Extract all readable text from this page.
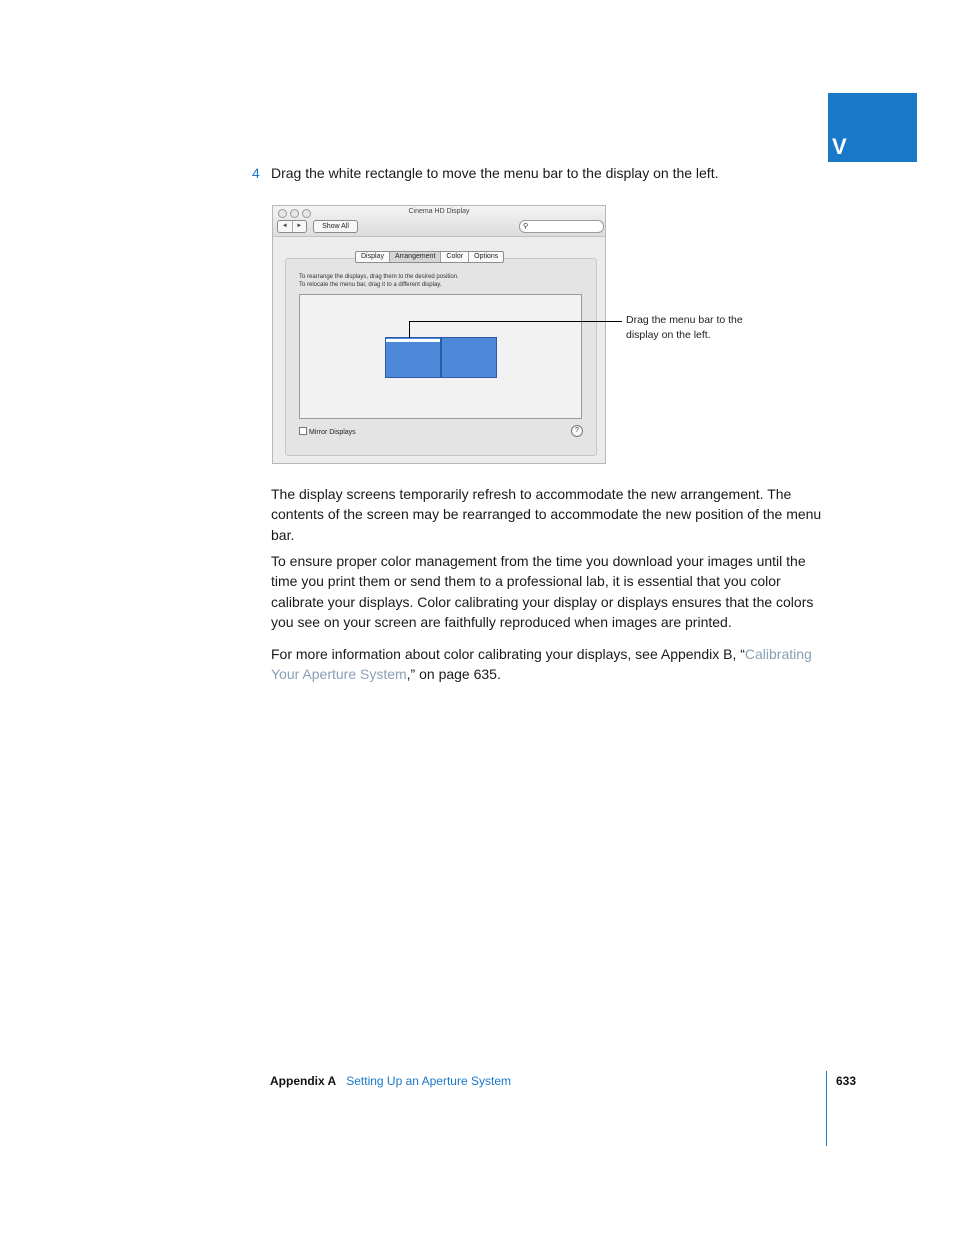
V
4 Drag the white rectangle to move the menu bar to the display on the left.
Cinema HD Display
◄	►	Show All	⚲
Display	Arrangement	Color	Options
To rearrange the displays, drag them to the desired position.
To relocate the menu bar, drag it to a different display.
Mirror Displays	?
Drag the menu bar to the
display on the left.
The display screens temporarily refresh to accommodate the new arrangement. The contents of the screen may be rearranged to accommodate the new position of the menu bar.
To ensure proper color management from the time you download your images until the time you print them or send them to a professional lab, it is essential that you color calibrate your displays. Color calibrating your display or displays ensures that the colors you see on your screen are faithfully reproduced when images are printed.
For more information about color calibrating your displays, see Appendix B, “Calibrating Your Aperture System,” on page 635.
Appendix A Setting Up an Aperture System	633
